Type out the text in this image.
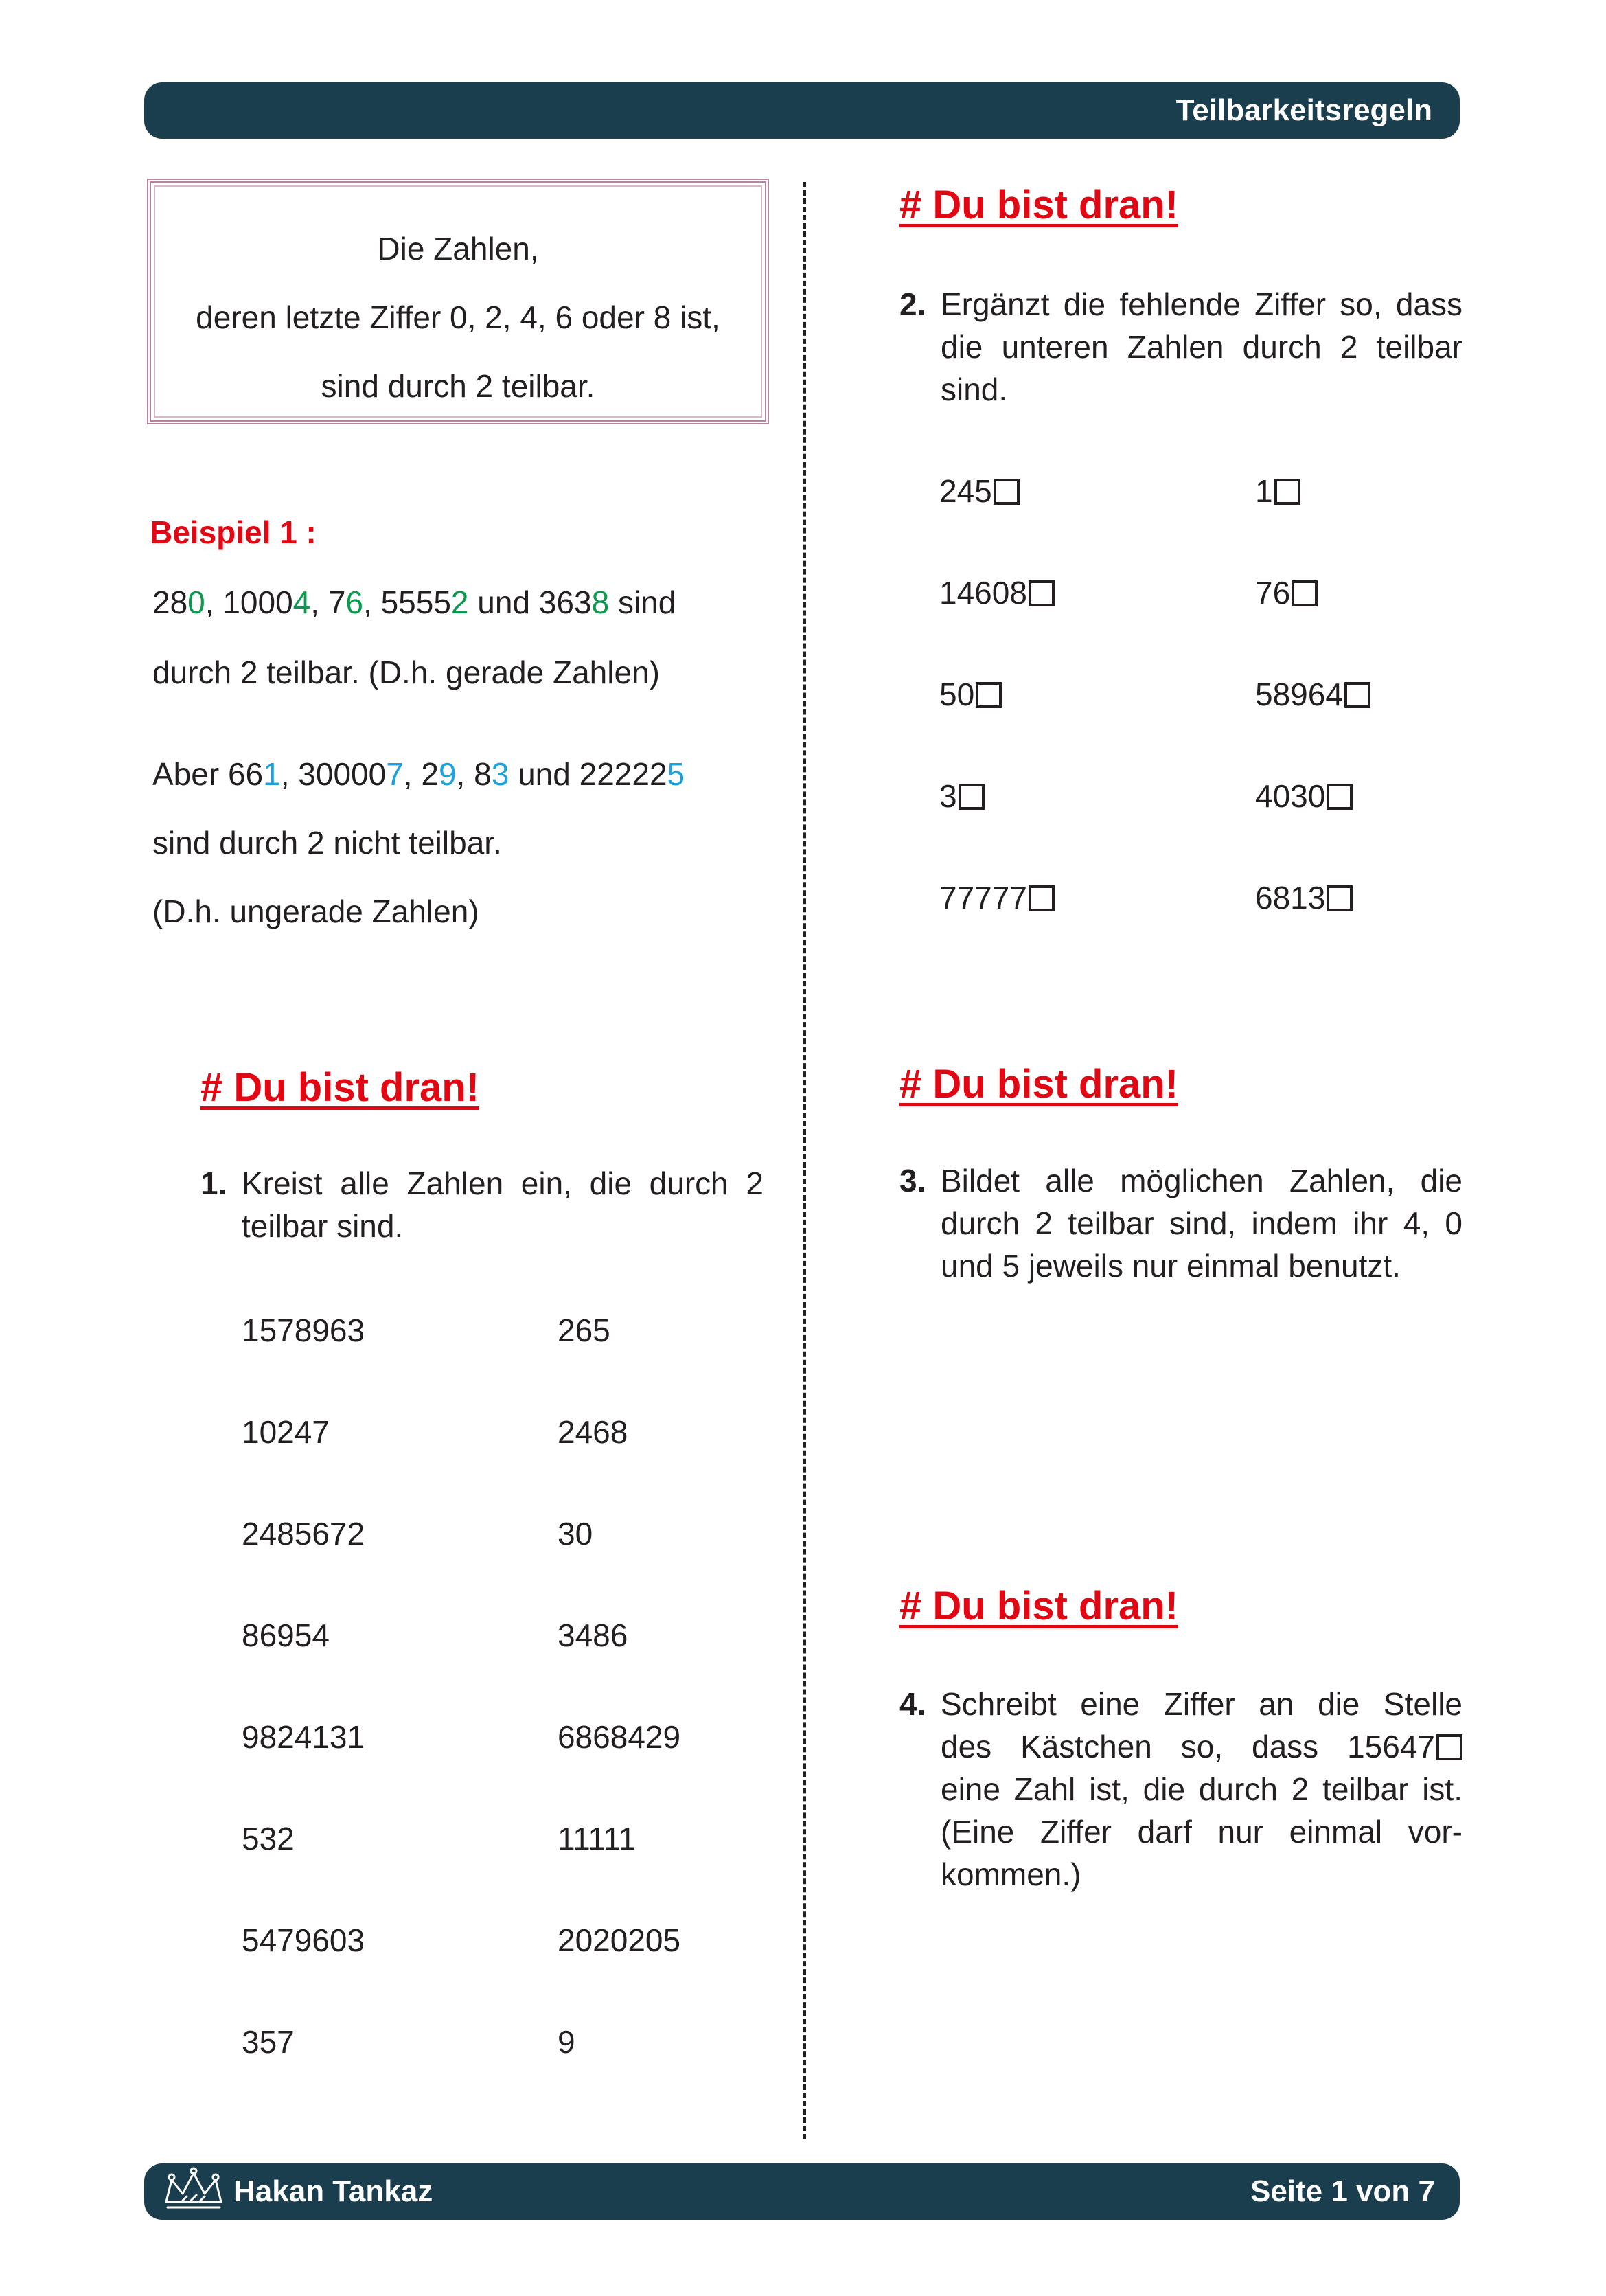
Teilbarkeitsregeln
Die Zahlen,
deren letzte Ziffer 0, 2, 4, 6 oder 8 ist,
sind durch 2 teilbar.
Beispiel 1 :
280, 10004, 76, 55552 und 3638 sind
durch 2 teilbar. (D.h. gerade Zahlen)
Aber 661, 300007, 29, 83 und 222225
sind durch 2 nicht teilbar.
(D.h. ungerade Zahlen)
# Du bist dran!
1. Kreist alle Zahlen ein, die durch 2
teilbar sind.
1578963
10247
2485672
86954
9824131
532
5479603
357
265
2468
30
3486
6868429
11111
2020205
9
# Du bist dran!
2. Ergänzt die fehlende Ziffer so, dass
die unteren Zahlen durch 2 teilbar
sind.
245
14608
50
3
77777
1
76
58964
4030
6813
# Du bist dran!
3. Bildet alle möglichen Zahlen, die
durch 2 teilbar sind, indem ihr 4, 0
und 5 jeweils nur einmal benutzt.
# Du bist dran!
4. Schreibt eine Ziffer an die Stelle
des Kästchen so, dass 15647
eine Zahl ist, die durch 2 teilbar ist.
(Eine Ziffer darf nur einmal vor-
kommen.)
Hakan Tankaz	Seite 1 von 7
